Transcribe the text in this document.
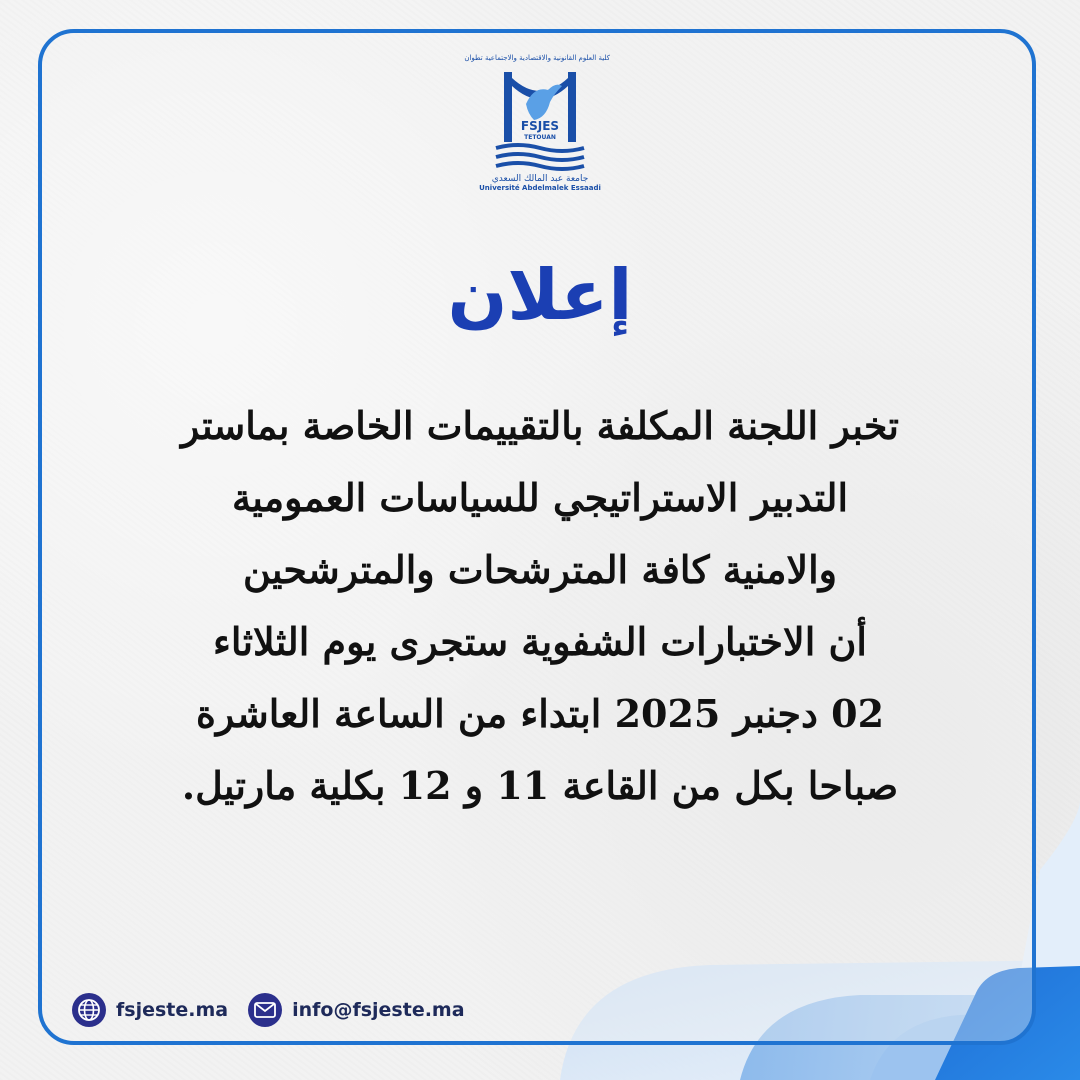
كلية العلوم القانونية والاقتصادية والاجتماعية تطوان
FSJES
TETOUAN
جامعة عبد المالك السعدي
Université Abdelmalek Essaadi
إعلان
تخبر اللجنة المكلفة بالتقييمات الخاصة بماستر
التدبير الاستراتيجي للسياسات العمومية
والامنية كافة المترشحات والمترشحين
أن الاختبارات الشفوية ستجرى يوم الثلاثاء
02 دجنبر 2025 ابتداء من الساعة العاشرة
صباحا بكل من القاعة 11 و 12 بكلية مارتيل.
fsjeste.ma	info@fsjeste.ma
